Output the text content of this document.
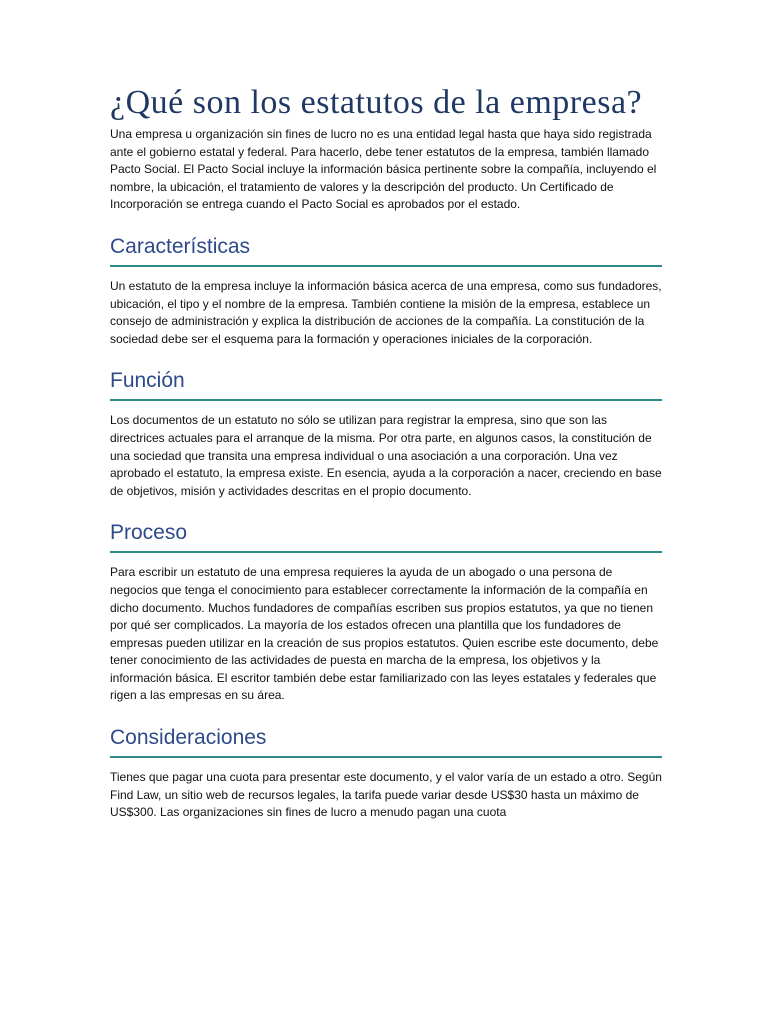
¿Qué son los estatutos de la empresa?

Una empresa u organización sin fines de lucro no es una entidad legal hasta que haya sido registrada ante el gobierno estatal y federal. Para hacerlo, debe tener estatutos de la empresa, también llamado Pacto Social. El Pacto Social incluye la información básica pertinente sobre la compañía, incluyendo el nombre, la ubicación, el tratamiento de valores y la descripción del producto. Un Certificado de Incorporación se entrega cuando el Pacto Social es aprobados por el estado.

Características

Un estatuto de la empresa incluye la información básica acerca de una empresa, como sus fundadores, ubicación, el tipo y el nombre de la empresa. También contiene la misión de la empresa, establece un consejo de administración y explica la distribución de acciones de la compañía. La constitución de la sociedad debe ser el esquema para la formación y operaciones iniciales de la corporación.

Función

Los documentos de un estatuto no sólo se utilizan para registrar la empresa, sino que son las directrices actuales para el arranque de la misma. Por otra parte, en algunos casos, la constitución de una sociedad que transita una empresa individual o una asociación a una corporación. Una vez aprobado el estatuto, la empresa existe. En esencia, ayuda a la corporación a nacer, creciendo en base de objetivos, misión y actividades descritas en el propio documento.

Proceso

Para escribir un estatuto de una empresa requieres la ayuda de un abogado o una persona de negocios que tenga el conocimiento para establecer correctamente la información de la compañía en dicho documento. Muchos fundadores de compañías escriben sus propios estatutos, ya que no tienen por qué ser complicados. La mayoría de los estados ofrecen una plantilla que los fundadores de empresas pueden utilizar en la creación de sus propios estatutos. Quien escribe este documento, debe tener conocimiento de las actividades de puesta en marcha de la empresa, los objetivos y la información básica. El escritor también debe estar familiarizado con las leyes estatales y federales que rigen a las empresas en su área.

Consideraciones

Tienes que pagar una cuota para presentar este documento, y el valor varía de un estado a otro. Según Find Law, un sitio web de recursos legales, la tarifa puede variar desde US$30 hasta un máximo de US$300. Las organizaciones sin fines de lucro a menudo pagan una cuota
